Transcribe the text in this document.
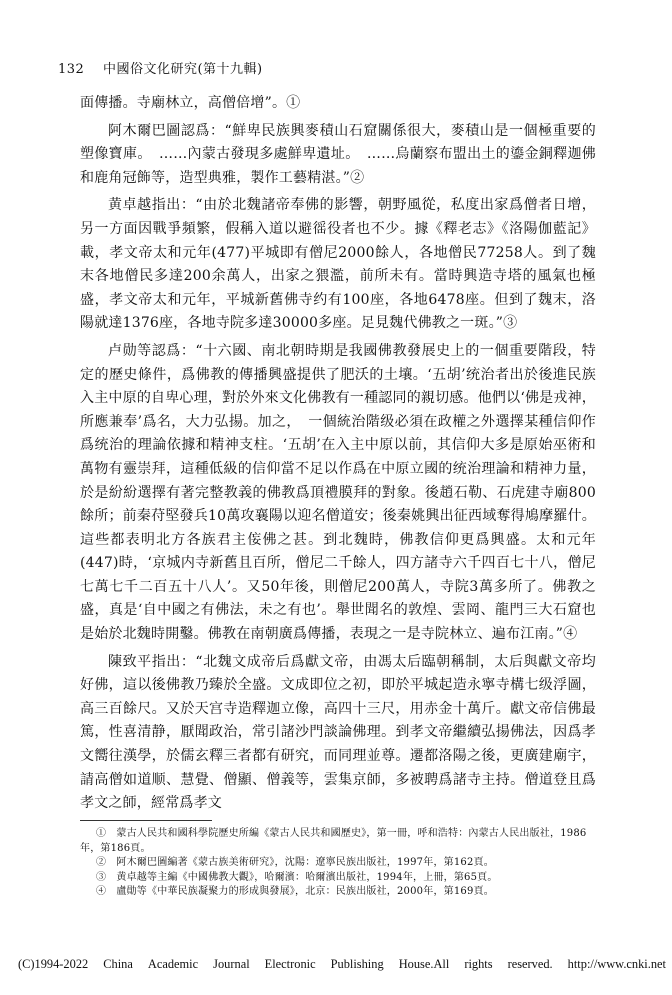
132 中國俗文化研究(第十九輯)

面傳播。寺廟林立，高僧倍增”。①

阿木爾巴圖認爲：“鮮卑民族興麥積山石窟關係很大，麥積山是一個極重要的塑像寶庫。　……內蒙古發現多處鮮卑遺址。　……烏蘭察布盟出土的鎏金銅釋迦佛和鹿角冠飾等，造型典雅，製作工藝精湛。”②

黄卓越指出：“由於北魏諸帝奉佛的影響，朝野風從，私度出家爲僧者日增，另一方面因戰爭頻繁，假稱入道以避徭役者也不少。據《釋老志》《洛陽伽藍記》載，孝文帝太和元年(477)平城即有僧尼2000餘人，各地僧民77258人。到了魏末各地僧民多達200余萬人，出家之猥濫，前所未有。當時興造寺塔的風氣也極盛，孝文帝太和元年，平城新舊佛寺约有100座，各地6478座。但到了魏末，洛陽就達1376座，各地寺院多達30000多座。足見魏代佛教之一斑。”③

卢勋等認爲：“十六國、南北朝時期是我國佛教發展史上的一個重要階段，特定的歷史條件，爲佛教的傳播興盛提供了肥沃的土壤。‘五胡’统治者出於後進民族入主中原的自卑心理，對於外來文化佛教有一種認同的親切感。他們以‘佛是戎神，所應兼奉’爲名，大力弘揚。加之，　一個統治階级必須在政權之外選擇某種信仰作爲统治的理論依據和精神支柱。‘五胡’在入主中原以前，其信仰大多是原始巫術和萬物有靈崇拜，這種低級的信仰當不足以作爲在中原立國的统治理論和精神力量，於是紛紛選擇有著完整教義的佛教爲頂禮膜拜的對象。後趙石勒、石虎建寺廟800餘所；前秦苻堅發兵10萬攻襄陽以迎名僧道安；後秦姚興出征西域奪得鳩摩羅什。這些都表明北方各族君主侫佛之甚。到北魏時，佛教信仰更爲興盛。太和元年(447)時，‘京城内寺新舊且百所，僧尼二千餘人，四方諸寺六千四百七十八，僧尼七萬七千二百五十八人’。又50年後，則僧尼200萬人，寺院3萬多所了。佛教之盛，真是‘自中國之有佛法，未之有也’。舉世聞名的敦煌、雲岡、龍門三大石窟也是始於北魏時開鑿。佛教在南朝廣爲傳播，表現之一是寺院林立、遍布江南。”④

陳致平指出：“北魏文成帝后爲獻文帝，由馮太后臨朝稱制，太后與獻文帝均好佛，這以後佛教乃臻於全盛。文成即位之初，即於平城起造永寧寺構七级浮圖，高三百餘尺。又於天宫寺造釋迦立像，高四十三尺，用赤金十萬斤。獻文帝信佛最篤，性喜清静，厭聞政治，常引諸沙門談論佛理。到孝文帝繼續弘揚佛法，因爲孝文嚮往漢學，於儒玄釋三者都有研究，而同理並尊。遷都洛陽之後，更廣建廟宇，請高僧如道顺、慧覺、僧顯、僧義等，雲集京師，多被聘爲諸寺主持。僧道登且爲孝文之師，經常爲孝文

①　蒙古人民共和國科學院歷史所編《蒙古人民共和國歷史》，第一冊，呼和浩特：內蒙古人民出版社，1986年，第186頁。
②　阿木爾巴圖編著《蒙古族美術研究》，沈陽：遼寧民族出版社，1997年，第162頁。
③　黄卓越等主編《中國佛教大觀》，哈爾濱：哈爾濱出版社，1994年，上冊，第65頁。
④　盧勛等《中華民族凝聚力的形成與發展》，北京：民族出版社，2000年，第169頁。
(C)1994-2022 China Academic Journal Electronic Publishing House.All rights reserved. http://www.cnki.net
